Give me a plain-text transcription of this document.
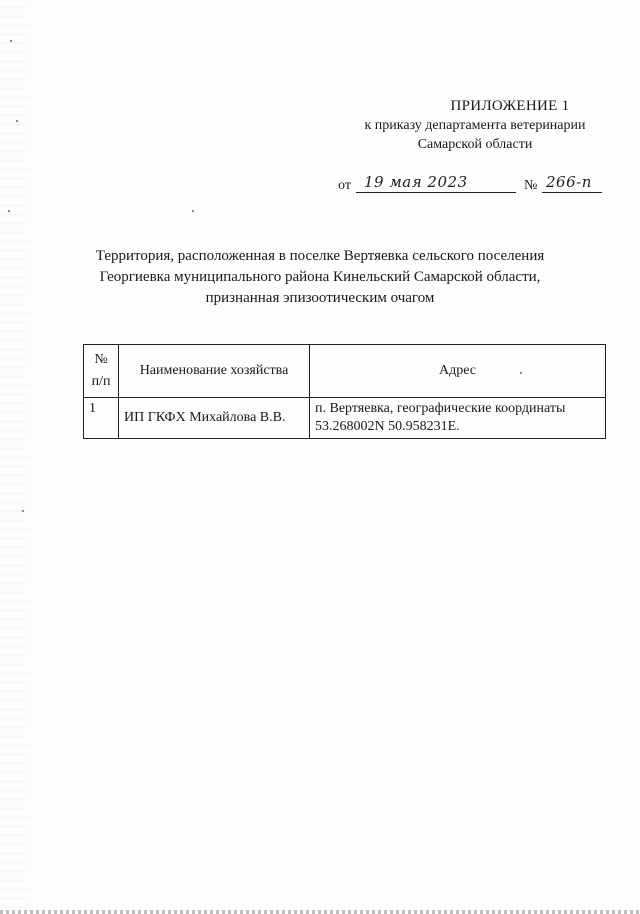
ПРИЛОЖЕНИЕ 1
к приказу департамента ветеринарии
Самарской области
от 19 мая 2023	№ 266-п
Территория, расположенная в поселке Вертяевка сельского поселения
Георгиевка муниципального района Кинельский Самарской области,
признанная эпизоотическим очагом
№
п/п	Наименование хозяйства	Адрес
1	ИП ГКФХ Михайлова В.В.	п. Вертяевка, географические координаты 53.268002N 50.958231E.
